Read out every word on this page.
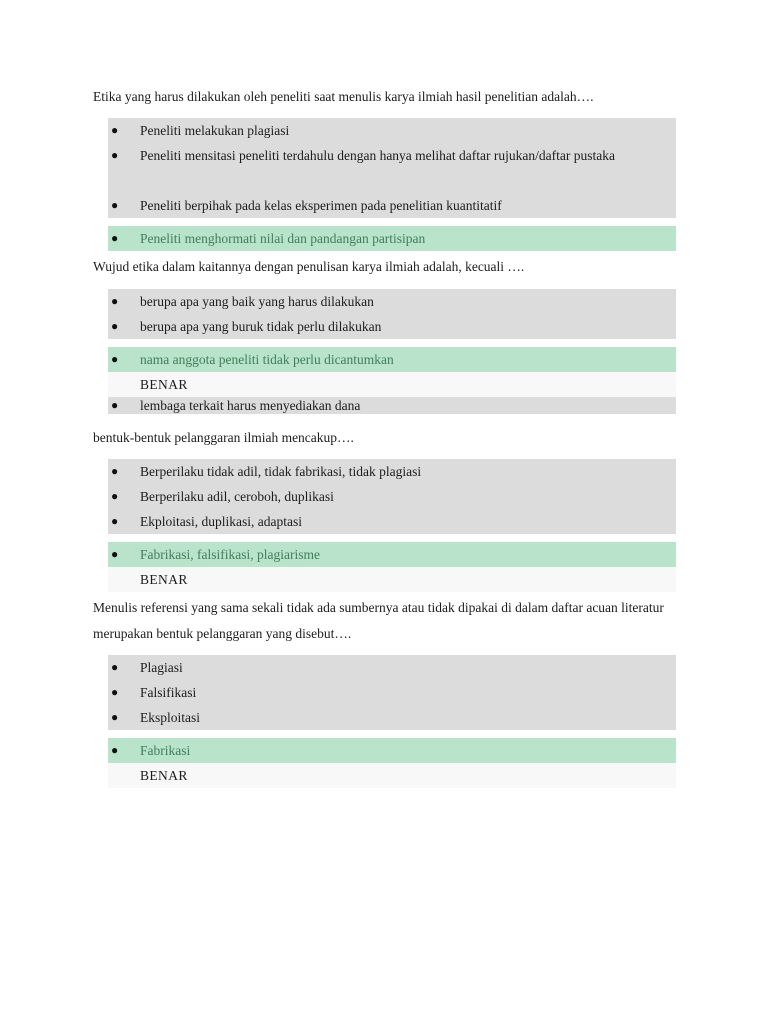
Etika yang harus dilakukan oleh peneliti saat menulis karya ilmiah hasil penelitian adalah….

● Peneliti melakukan plagiasi
● Peneliti mensitasi peneliti terdahulu dengan hanya melihat daftar rujukan/daftar pustaka
● Peneliti berpihak pada kelas eksperimen pada penelitian kuantitatif
● Peneliti menghormati nilai dan pandangan partisipan

Wujud etika dalam kaitannya dengan penulisan karya ilmiah adalah, kecuali ….

● berupa apa yang baik yang harus dilakukan
● berupa apa yang buruk tidak perlu dilakukan
● nama anggota peneliti tidak perlu dicantumkan
BENAR
● lembaga terkait harus menyediakan dana

bentuk-bentuk pelanggaran ilmiah mencakup….

● Berperilaku tidak adil, tidak fabrikasi, tidak plagiasi
● Berperilaku adil, ceroboh, duplikasi
● Ekploitasi, duplikasi, adaptasi
● Fabrikasi, falsifikasi, plagiarisme
BENAR

Menulis referensi yang sama sekali tidak ada sumbernya atau tidak dipakai di dalam daftar acuan literatur merupakan bentuk pelanggaran yang disebut….

● Plagiasi
● Falsifikasi
● Eksploitasi
● Fabrikasi
BENAR
